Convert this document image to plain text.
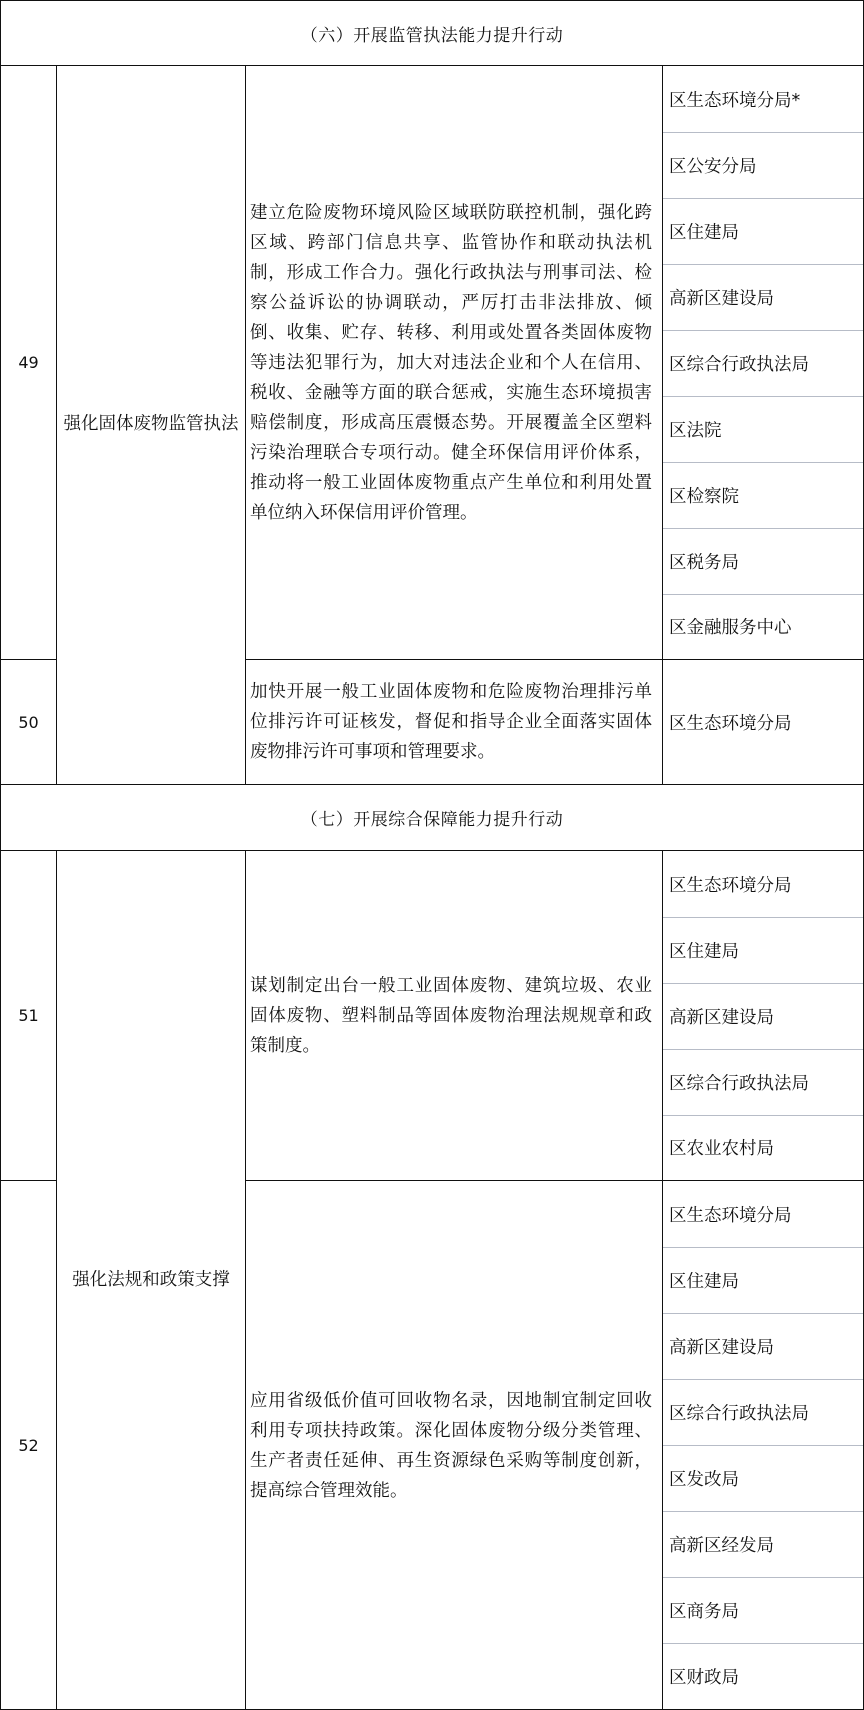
（六）开展监管执法能力提升行动
49
50
强化固体废物监管执法
建立危险废物环境风险区域联防联控机制，强化跨区域、跨部门信息共享、监管协作和联动执法机制，形成工作合力。强化行政执法与刑事司法、检察公益诉讼的协调联动，严厉打击非法排放、倾倒、收集、贮存、转移、利用或处置各类固体废物等违法犯罪行为，加大对违法企业和个人在信用、税收、金融等方面的联合惩戒，实施生态环境损害赔偿制度，形成高压震慑态势。开展覆盖全区塑料污染治理联合专项行动。健全环保信用评价体系，推动将一般工业固体废物重点产生单位和利用处置单位纳入环保信用评价管理。
加快开展一般工业固体废物和危险废物治理排污单位排污许可证核发，督促和指导企业全面落实固体废物排污许可事项和管理要求。
区生态环境分局*
区公安分局
区住建局
高新区建设局
区综合行政执法局
区法院
区检察院
区税务局
区金融服务中心
区生态环境分局
（七）开展综合保障能力提升行动
51
52
强化法规和政策支撑
谋划制定出台一般工业固体废物、建筑垃圾、农业固体废物、塑料制品等固体废物治理法规规章和政策制度。
应用省级低价值可回收物名录，因地制宜制定回收利用专项扶持政策。深化固体废物分级分类管理、生产者责任延伸、再生资源绿色采购等制度创新，提高综合管理效能。
区生态环境分局
区住建局
高新区建设局
区综合行政执法局
区农业农村局
区生态环境分局
区住建局
高新区建设局
区综合行政执法局
区发改局
高新区经发局
区商务局
区财政局
